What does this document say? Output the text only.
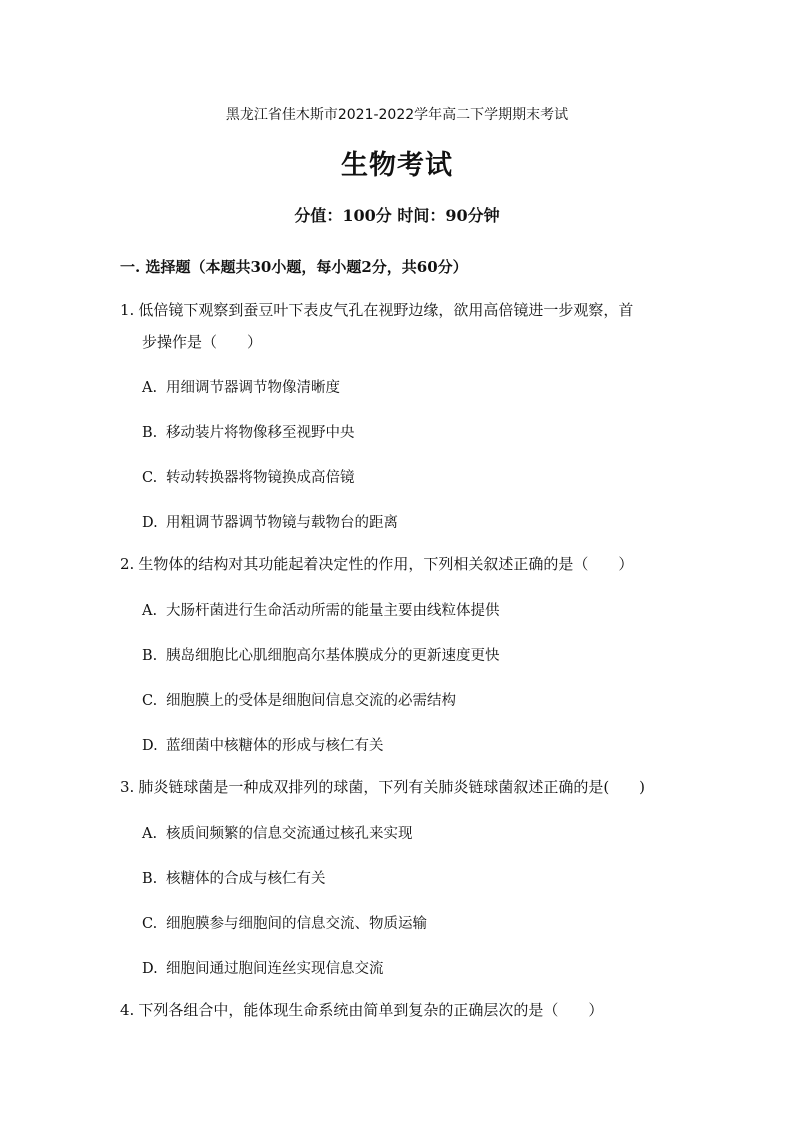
黑龙江省佳木斯市2021-2022学年高二下学期期末考试
生物考试
分值：100分 时间：90分钟
一. 选择题（本题共30小题，每小题2分，共60分）
1. 低倍镜下观察到蚕豆叶下表皮气孔在视野边缘，欲用高倍镜进一步观察，首
步操作是（　　）
A. 用细调节器调节物像清晰度
B. 移动装片将物像移至视野中央
C. 转动转换器将物镜换成高倍镜
D. 用粗调节器调节物镜与载物台的距离
2. 生物体的结构对其功能起着决定性的作用，下列相关叙述正确的是（　　）
A. 大肠杆菌进行生命活动所需的能量主要由线粒体提供
B. 胰岛细胞比心肌细胞高尔基体膜成分的更新速度更快
C. 细胞膜上的受体是细胞间信息交流的必需结构
D. 蓝细菌中核糖体的形成与核仁有关
3. 肺炎链球菌是一种成双排列的球菌，下列有关肺炎链球菌叙述正确的是(　　)
A. 核质间频繁的信息交流通过核孔来实现
B. 核糖体的合成与核仁有关
C. 细胞膜参与细胞间的信息交流、物质运输
D. 细胞间通过胞间连丝实现信息交流
4. 下列各组合中，能体现生命系统由简单到复杂的正确层次的是（　　）
